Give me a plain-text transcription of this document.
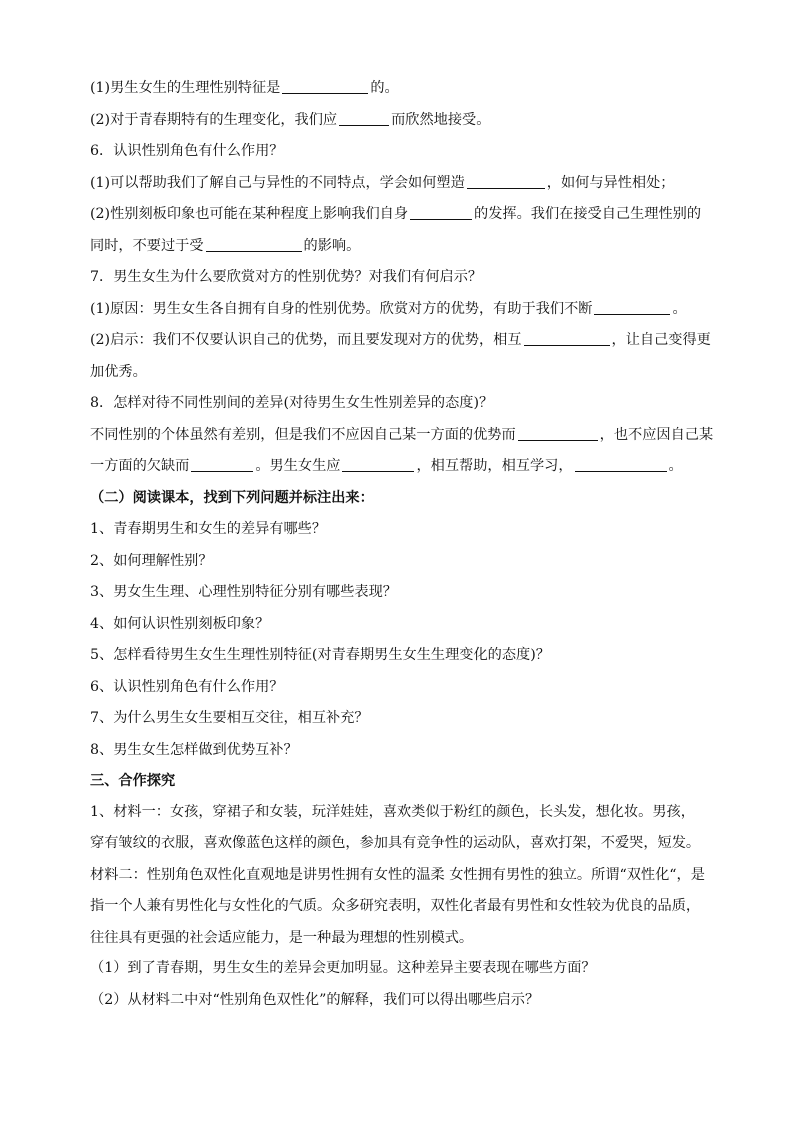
(1)男生女生的生理性别特征是	的。
(2)对于青春期特有的生理变化，我们应	而欣然地接受。
6．认识性别角色有什么作用？
(1)可以帮助我们了解自己与异性的不同特点，学会如何塑造	，如何与异性相处；
(2)性别刻板印象也可能在某种程度上影响我们自身	的发挥。我们在接受自己生理性别的
同时，不要过于受	的影响。
7．男生女生为什么要欣赏对方的性别优势？对我们有何启示？
(1)原因：男生女生各自拥有自身的性别优势。欣赏对方的优势，有助于我们不断	。
(2)启示：我们不仅要认识自己的优势，而且要发现对方的优势，相互	，让自己变得更
加优秀。
8．怎样对待不同性别间的差异(对待男生女生性别差异的态度)？
不同性别的个体虽然有差别，但是我们不应因自己某一方面的优势而	，也不应因自己某
一方面的欠缺而	。男生女生应	，相互帮助，相互学习，	。
（二）阅读课本，找到下列问题并标注出来：
1、青春期男生和女生的差异有哪些？
2、如何理解性别？
3、男女生生理、心理性别特征分别有哪些表现？
4、如何认识性别刻板印象？
5、怎样看待男生女生生理性别特征(对青春期男生女生生理变化的态度)？
6、认识性别角色有什么作用？
7、为什么男生女生要相互交往，相互补充？
8、男生女生怎样做到优势互补？
三、合作探究
1、材料一：女孩，穿裙子和女装，玩洋娃娃，喜欢类似于粉红的颜色，长头发，想化妆。男孩，穿有皱纹的衣服，喜欢像蓝色这样的颜色，参加具有竞争性的运动队，喜欢打架，不爱哭，短发。
材料二：性别角色双性化直观地是讲男性拥有女性的温柔 女性拥有男性的独立。所谓“双性化“，是指一个人兼有男性化与女性化的气质。众多研究表明，双性化者最有男性和女性较为优良的品质，往往具有更强的社会适应能力，是一种最为理想的性别模式。
（1）到了青春期，男生女生的差异会更加明显。这种差异主要表现在哪些方面？
（2）从材料二中对“性别角色双性化”的解释，我们可以得出哪些启示？
